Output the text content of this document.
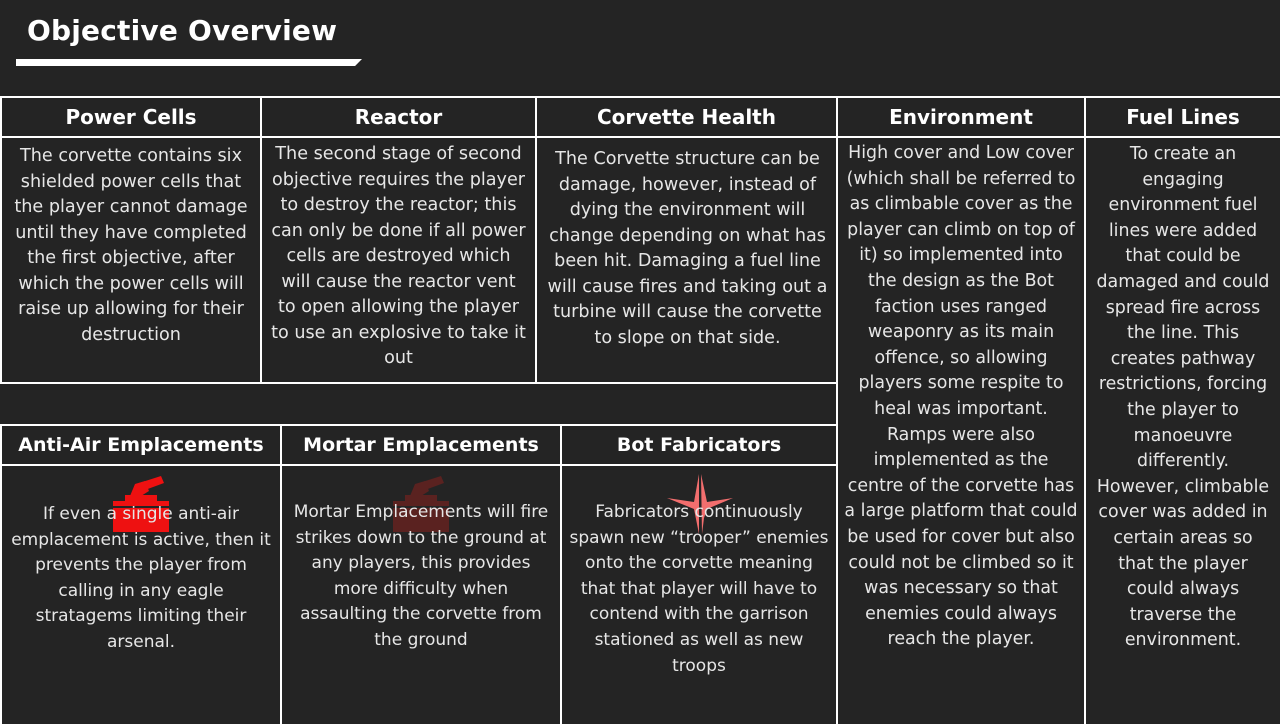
Objective Overview
Power Cells
The corvette contains six shielded power cells that the player cannot damage until they have completed the first objective, after which the power cells will raise up allowing for their destruction
Reactor
The second stage of second objective requires the player to destroy the reactor; this can only be done if all power cells are destroyed which will cause the reactor vent to open allowing the player to use an explosive to take it out
Corvette Health
The Corvette structure can be damage, however, instead of dying the environment will change depending on what has been hit. Damaging a fuel line will cause fires and taking out a turbine will cause the corvette to slope on that side.
Environment
High cover and Low cover (which shall be referred to as climbable cover as the player can climb on top of it) so implemented into the design as the Bot faction uses ranged weaponry as its main offence, so allowing players some respite to heal was important. Ramps were also implemented as the centre of the corvette has a large platform that could be used for cover but also could not be climbed so it was necessary so that enemies could always reach the player.
Fuel Lines
To create an engaging environment fuel lines were added that could be damaged and could spread fire across the line. This creates pathway restrictions, forcing the player to manoeuvre differently. However, climbable cover was added in certain areas so that the player could always traverse the environment.
Anti-Air Emplacements
If even a single anti-air emplacement is active, then it prevents the player from calling in any eagle stratagems limiting their arsenal.
Mortar Emplacements
Mortar Emplacements will fire strikes down to the ground at any players, this provides more difficulty when assaulting the corvette from the ground
Bot Fabricators
Fabricators continuously spawn new “trooper” enemies onto the corvette meaning that that player will have to contend with the garrison stationed as well as new troops
